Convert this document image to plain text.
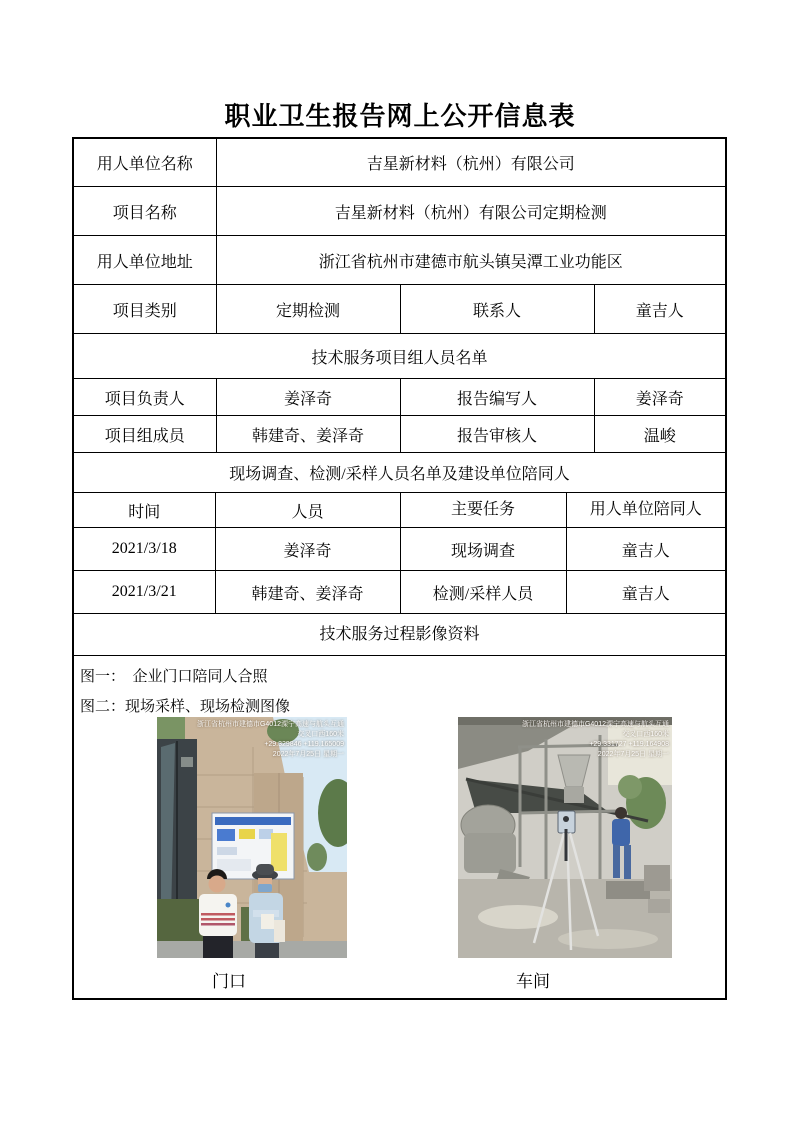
职业卫生报告网上公开信息表
用人单位名称	吉星新材料（杭州）有限公司		
项目名称	吉星新材料（杭州）有限公司定期检测		
用人单位地址	浙江省杭州市建德市航头镇吴潭工业功能区		
项目类别	定期检测	联系人	童吉人
技术服务项目组人员名单			
项目负责人	姜泽奇	报告编写人	姜泽奇
项目组成员	韩建奇、姜泽奇	报告审核人	温峻
现场调查、检测/采样人员名单及建设单位陪同人			
时间	人员	主要任务	用人单位陪同人
2021/3/18	姜泽奇	现场调查	童吉人
2021/3/21	韩建奇、姜泽奇	检测/采样人员	童吉人
技术服务过程影像资料
图一：　企业门口陪同人合照
图二：现场采样、现场检测图像
浙江省杭州市建德市G4012溧宁高速与航头互通
交叉口西160米
+29.329846 +119.165009
2022年7月25日 星期一
浙江省杭州市建德市G4012溧宁高速与航头互通
交叉口西160米
+29.331727 +119.164908
2022年7月25日 星期一
门口	车间
